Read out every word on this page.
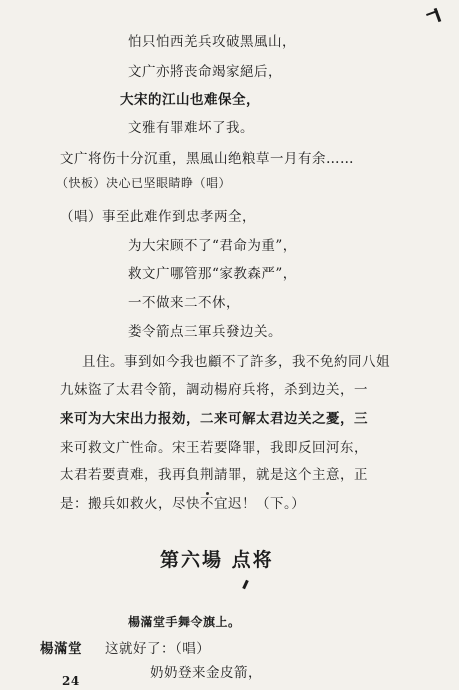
怕只怕西羌兵攻破黑風山，
文广亦將丧命竭家絕后，
大宋的江山也难保全，
文雅有罪难坏了我。
文广将伤十分沉重，黑風山绝粮草一月有余……
（快板）决心已坚眼睛睁（唱）
（唱）事至此难作到忠孝两全，
为大宋顾不了“君命为重”，
救文广哪管那“家教森严”，
一不做来二不休，
娄令箭点三軍兵發边关。
且住。事到如今我也顧不了許多，我不免約同八姐
九妹盜了太君令箭，調动楊府兵将，杀到边关，一
来可为大宋出力报効，二来可解太君边关之憂，三
来可救文广性命。宋王若要降罪，我即反回河东，
太君若要責难，我再負荆請罪，就是这个主意，正
是：搬兵如救火，尽快不宜迟！（下。）
第六場 点将
楊滿堂手舞令旗上。
楊滿堂 这就好了：（唱）
奶奶登来金皮箭，
24
